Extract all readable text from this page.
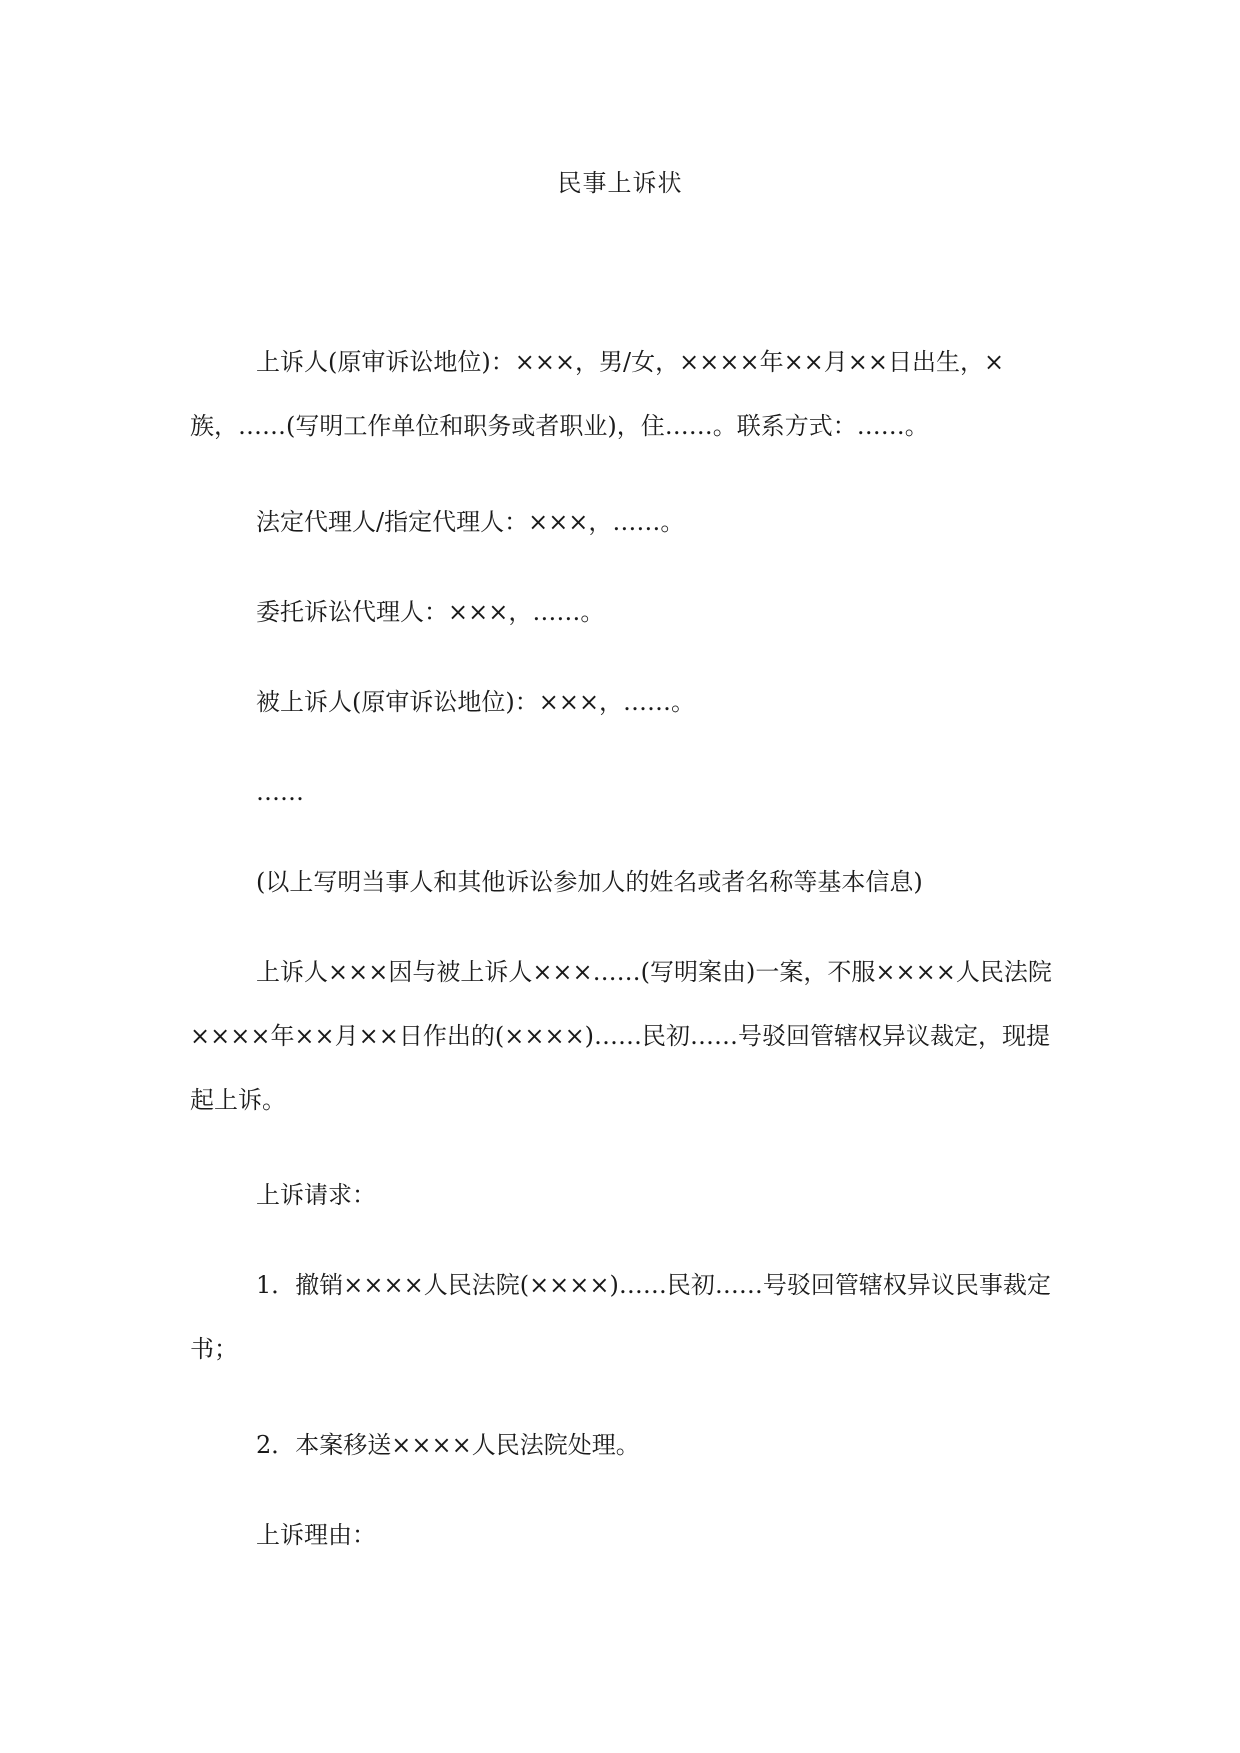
民事上诉状

上诉人(原审诉讼地位)：×××，男/女，××××年××月××日出生，×族，……(写明工作单位和职务或者职业)，住……。联系方式：……。

法定代理人/指定代理人：×××，……。

委托诉讼代理人：×××，……。

被上诉人(原审诉讼地位)：×××，……。

……

(以上写明当事人和其他诉讼参加人的姓名或者名称等基本信息)

上诉人×××因与被上诉人×××……(写明案由)一案，不服××××人民法院××××年××月××日作出的(××××)……民初……号驳回管辖权异议裁定，现提起上诉。

上诉请求：

1．撤销××××人民法院(××××)……民初……号驳回管辖权异议民事裁定书；

2．本案移送××××人民法院处理。

上诉理由：
